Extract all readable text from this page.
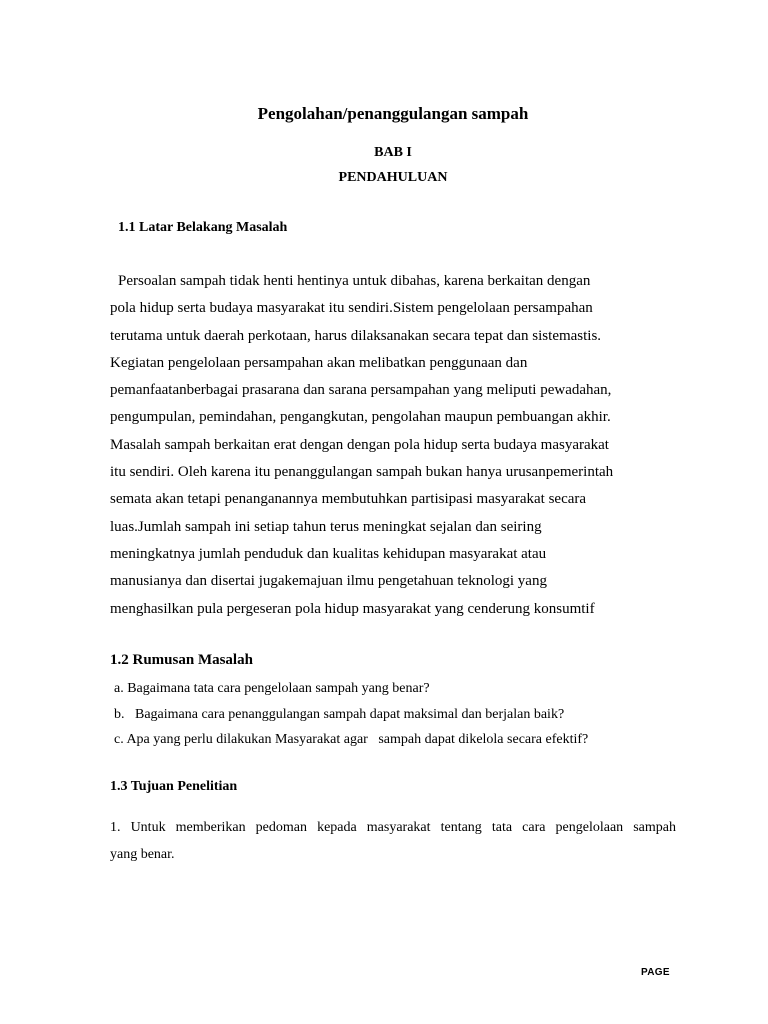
Pengolahan/penanggulangan sampah

BAB I

PENDAHULUAN

1.1 Latar Belakang Masalah
Persoalan sampah tidak henti hentinya untuk dibahas, karena berkaitan dengan
pola hidup serta budaya masyarakat itu sendiri.Sistem pengelolaan persampahan
terutama untuk daerah perkotaan, harus dilaksanakan secara tepat dan sistemastis.
Kegiatan pengelolaan persampahan akan melibatkan penggunaan dan
pemanfaatanberbagai prasarana dan sarana persampahan yang meliputi pewadahan,
pengumpulan, pemindahan, pengangkutan, pengolahan maupun pembuangan akhir.
Masalah sampah berkaitan erat dengan dengan pola hidup serta budaya masyarakat
itu sendiri. Oleh karena itu penanggulangan sampah bukan hanya urusanpemerintah
semata akan tetapi penanganannya membutuhkan partisipasi masyarakat secara
luas.Jumlah sampah ini setiap tahun terus meningkat sejalan dan seiring
meningkatnya jumlah penduduk dan kualitas kehidupan masyarakat atau
manusianya dan disertai jugakemajuan ilmu pengetahuan teknologi yang
menghasilkan pula pergeseran pola hidup masyarakat yang cenderung konsumtif
1.2 Rumusan Masalah
a. Bagaimana tata cara pengelolaan sampah yang benar?
b.   Bagaimana cara penanggulangan sampah dapat maksimal dan berjalan baik?
c. Apa yang perlu dilakukan Masyarakat agar   sampah dapat dikelola secara efektif?
1.3 Tujuan Penelitian
1. Untuk memberikan pedoman kepada masyarakat tentang tata cara pengelolaan sampah
yang benar.
PAGE
